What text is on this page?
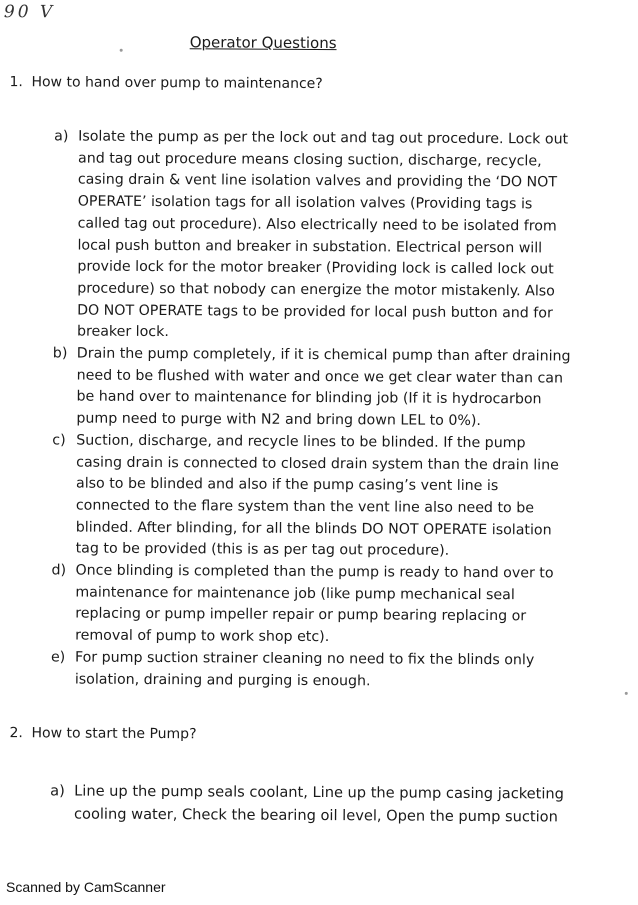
90 V
Operator Questions

1. How to hand over pump to maintenance?

a) Isolate the pump as per the lock out and tag out procedure. Lock out and tag out procedure means closing suction, discharge, recycle, casing drain & vent line isolation valves and providing the ‘DO NOT OPERATE’ isolation tags for all isolation valves (Providing tags is called tag out procedure). Also electrically need to be isolated from local push button and breaker in substation. Electrical person will provide lock for the motor breaker (Providing lock is called lock out procedure) so that nobody can energize the motor mistakenly. Also DO NOT OPERATE tags to be provided for local push button and for breaker lock.
b) Drain the pump completely, if it is chemical pump than after draining need to be flushed with water and once we get clear water than can be hand over to maintenance for blinding job (If it is hydrocarbon pump need to purge with N2 and bring down LEL to 0%).
c) Suction, discharge, and recycle lines to be blinded. If the pump casing drain is connected to closed drain system than the drain line also to be blinded and also if the pump casing’s vent line is connected to the flare system than the vent line also need to be blinded. After blinding, for all the blinds DO NOT OPERATE isolation tag to be provided (this is as per tag out procedure).
d) Once blinding is completed than the pump is ready to hand over to maintenance for maintenance job (like pump mechanical seal replacing or pump impeller repair or pump bearing replacing or removal of pump to work shop etc).
e) For pump suction strainer cleaning no need to fix the blinds only isolation, draining and purging is enough.

2. How to start the Pump?

a) Line up the pump seals coolant, Line up the pump casing jacketing cooling water, Check the bearing oil level, Open the pump suction
Scanned by CamScanner
